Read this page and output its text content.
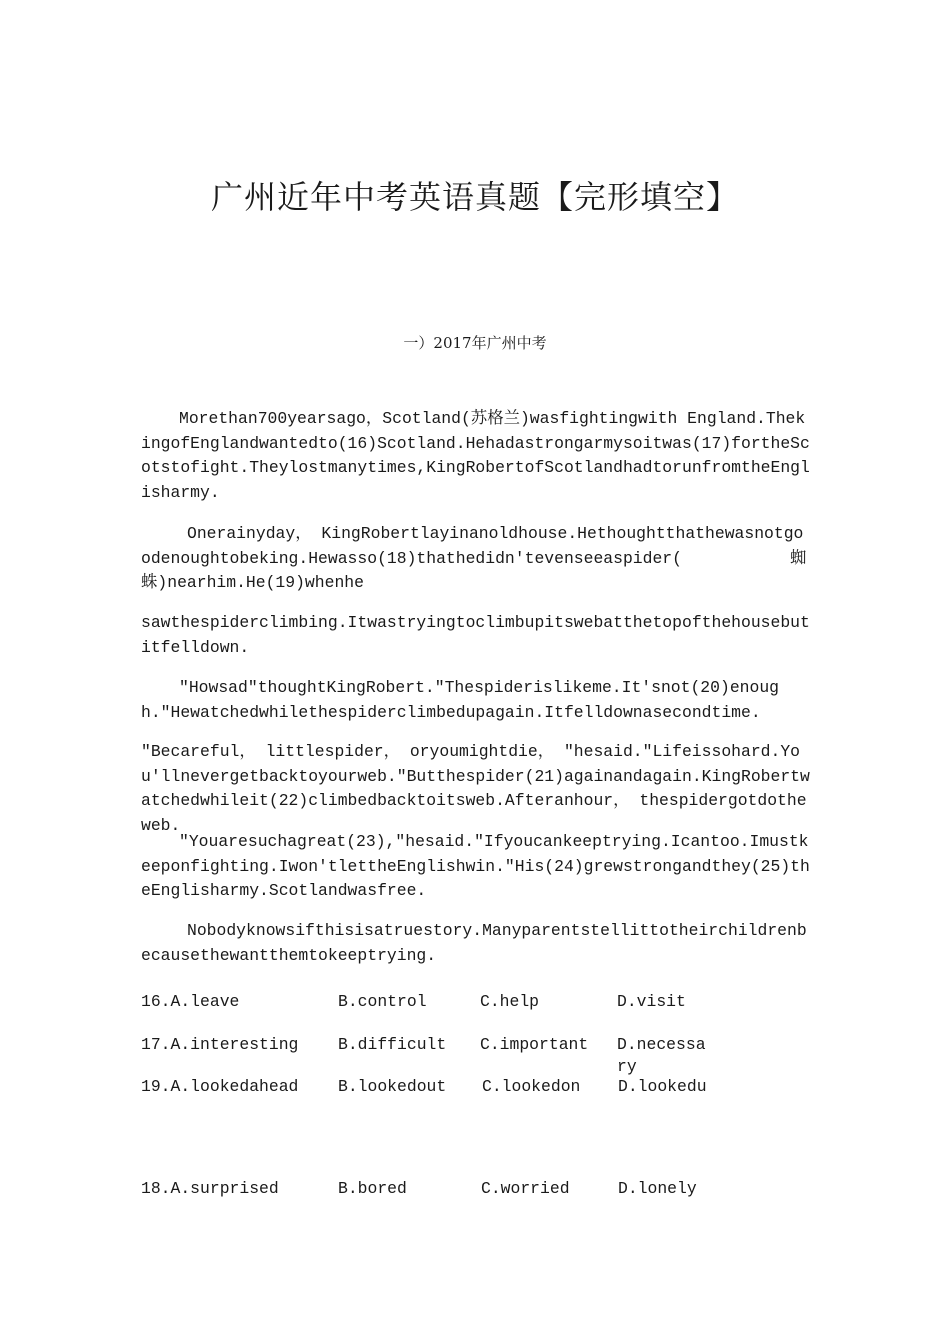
广州近年中考英语真题【完形填空】
一）2017年广州中考

Morethan700yearsago，Scotland(苏格兰)wasfightingwith England.ThekingofEnglandwantedto(16)Scotland.Hehadastrongarmysoitwas(17)fortheScotstofight.Theylostmanytimes,KingRobertofScotlandhadtorunfromtheEnglisharmy.

Onerainyday， KingRobertlayinanoldhouse.Hethoughtthathewasnotgoodenoughtobeking.Hewasso(18)thathedidn'tevenseeaspider(	蜘

蛛)nearhim.He(19)whenhe

sawthespiderclimbing.Itwastryingtoclimbupitswebatthetopofthehousebutitfelldown.

"Howsad"thoughtKingRobert."Thespiderislikeme.It'snot(20)enough."Hewatchedwhilethespiderclimbedupagain.Itfelldownasecondtime.

"Becareful， littlespider， oryoumightdie， "hesaid."Lifeissohard.You'llnevergetbacktoyourweb."Butthespider(21)againandagain.KingRobertwatchedwhileit(22)climbedbacktoitsweb.Afteranhour， thespidergotdotheweb.

"Youaresuchagreat(23),"hesaid."Ifyoucankeeptrying.Icantoo.Imustkeeponfighting.Iwon'tlettheEnglishwin."His(24)grewstrongandthey(25)theEnglisharmy.Scotlandwasfree.

Nobodyknowsifthisisatruestory.Manyparentstellittotheirchildrenbecausethewantthemtokeeptrying.

16.A.leave	B.control	C.help	D.visit
17.A.interesting B.difficult C.important D.necessary
19.A.lookedahead B.lookedout C.lookedon D.lookedu
18.A.surprised	B.bored	C.worried	D.lonely
